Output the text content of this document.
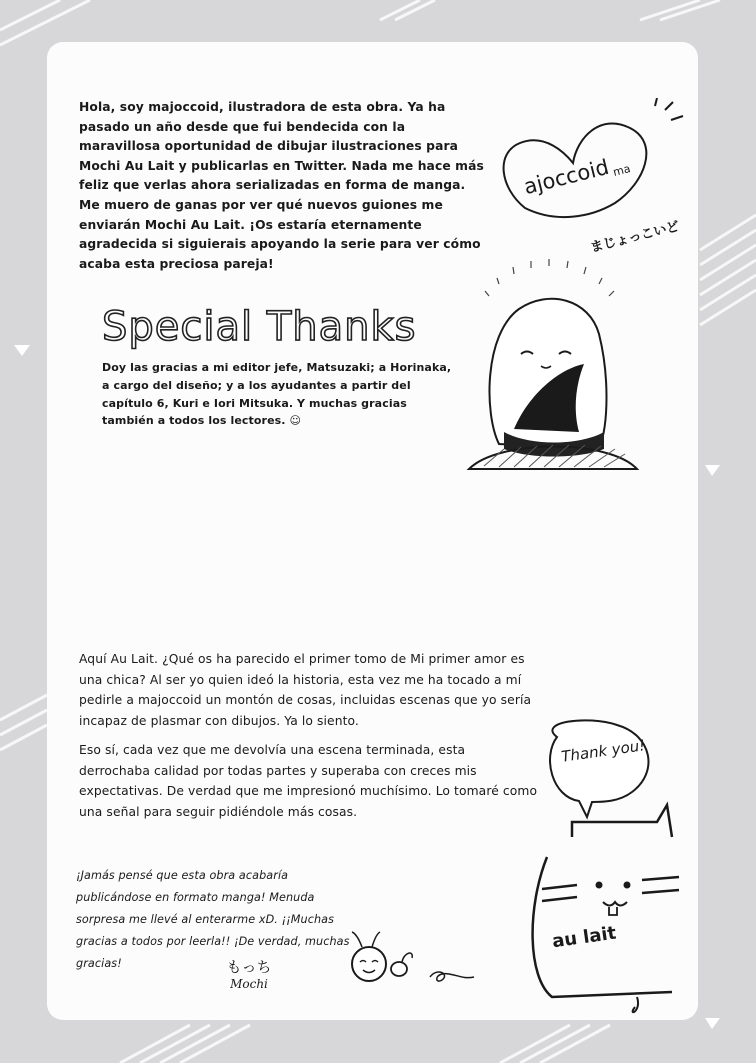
Hola, soy majoccoid, ilustradora de esta obra. Ya ha pasado un año desde que fui bendecida con la maravillosa oportunidad de dibujar ilustraciones para Mochi Au Lait y publicarlas en Twitter. Nada me hace más feliz que verlas ahora serializadas en forma de manga. Me muero de ganas por ver qué nuevos guiones me enviarán Mochi Au Lait. ¡Os estaría eternamente agradecida si siguierais apoyando la serie para ver cómo acaba esta preciosa pareja!

ajoccoid ma
まじょっこいど
Special Thanks

Doy las gracias a mi editor jefe, Matsuzaki; a Horinaka, a cargo del diseño; y a los ayudantes a partir del capítulo 6, Kuri e Iori Mitsuka. Y muchas gracias también a todos los lectores. ☺

Aquí Au Lait. ¿Qué os ha parecido el primer tomo de Mi primer amor es una chica? Al ser yo quien ideó la historia, esta vez me ha tocado a mí pedirle a majoccoid un montón de cosas, incluidas escenas que yo sería incapaz de plasmar con dibujos. Ya lo siento.

Eso sí, cada vez que me devolvía una escena terminada, esta derrochaba calidad por todas partes y superaba con creces mis expectativas. De verdad que me impresionó muchísimo. Lo tomaré como una señal para seguir pidiéndole más cosas.

Thank you!
au lait

¡Jamás pensé que esta obra acabaría publicándose en formato manga! Menuda sorpresa me llevé al enterarme xD. ¡¡Muchas gracias a todos por leerla!! ¡De verdad, muchas gracias!	もっち
Mochi
